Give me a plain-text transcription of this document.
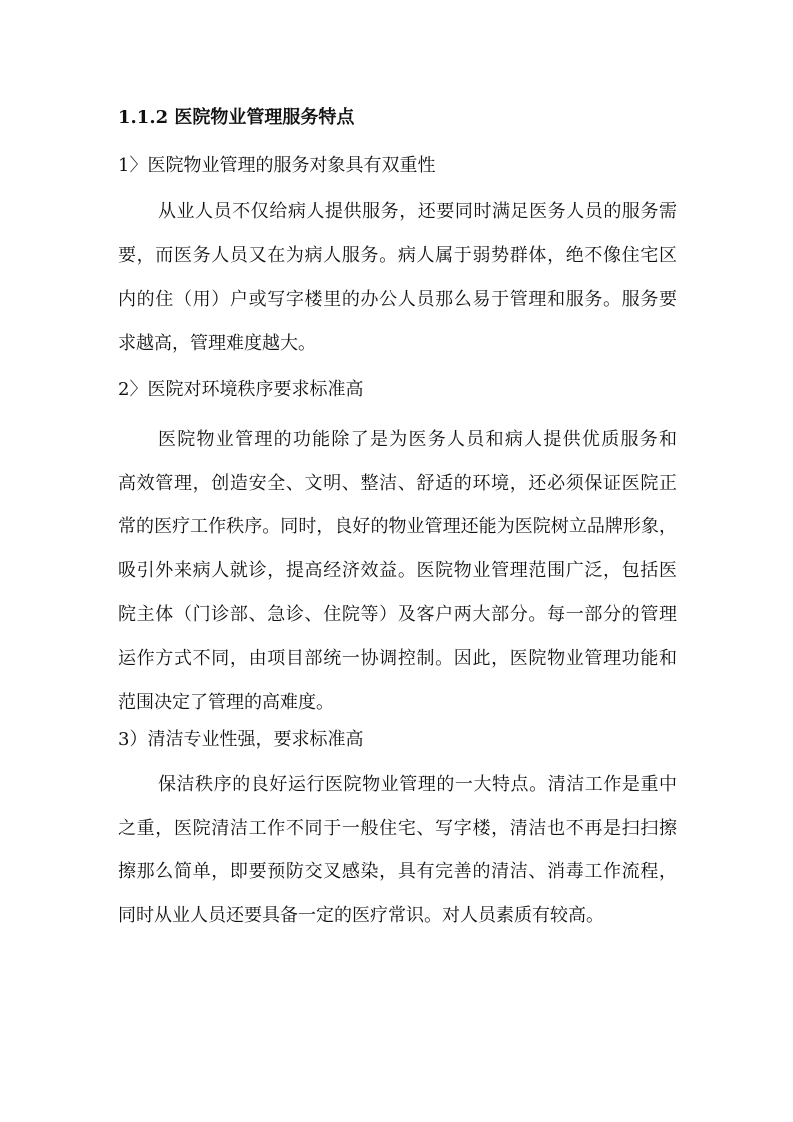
1.1.2 医院物业管理服务特点
1〉医院物业管理的服务对象具有双重性
从业人员不仅给病人提供服务，还要同时满足医务人员的服务需
要，而医务人员又在为病人服务。病人属于弱势群体，绝不像住宅区
内的住（用）户或写字楼里的办公人员那么易于管理和服务。服务要
求越高，管理难度越大。
2〉医院对环境秩序要求标准高
医院物业管理的功能除了是为医务人员和病人提供优质服务和
高效管理，创造安全、文明、整洁、舒适的环境，还必须保证医院正
常的医疗工作秩序。同时，良好的物业管理还能为医院树立品牌形象，
吸引外来病人就诊，提高经济效益。医院物业管理范围广泛，包括医
院主体（门诊部、急诊、住院等）及客户两大部分。每一部分的管理
运作方式不同，由项目部统一协调控制。因此，医院物业管理功能和
范围决定了管理的高难度。
3）清洁专业性强，要求标准高
保洁秩序的良好运行医院物业管理的一大特点。清洁工作是重中
之重，医院清洁工作不同于一般住宅、写字楼，清洁也不再是扫扫擦
擦那么简单，即要预防交叉感染，具有完善的清洁、消毒工作流程，
同时从业人员还要具备一定的医疗常识。对人员素质有较高。
